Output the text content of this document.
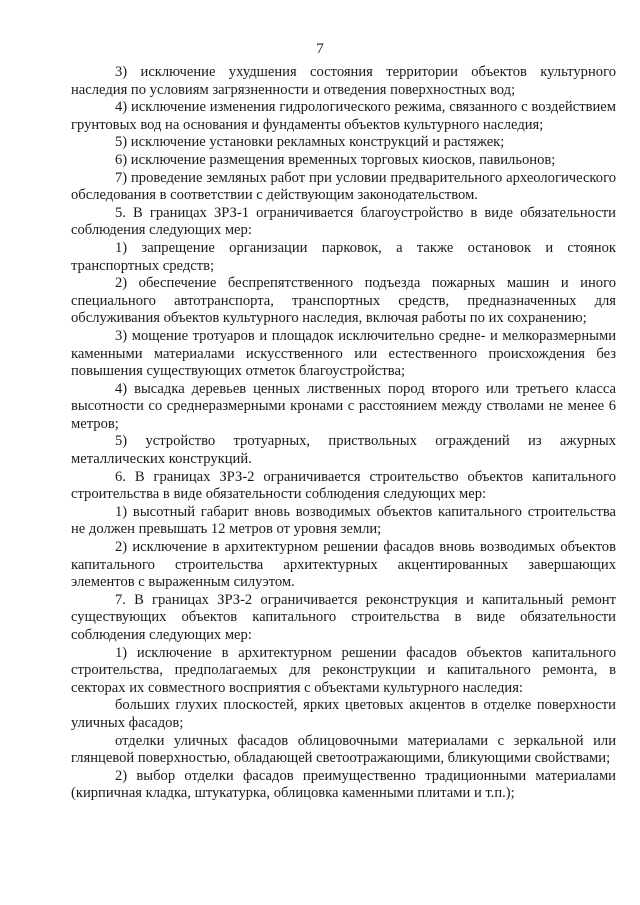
7

3) исключение ухудшения состояния территории объектов культурного наследия по условиям загрязненности и отведения поверхностных вод;

4) исключение изменения гидрологического режима, связанного с воздействием грунтовых вод на основания и фундаменты объектов культурного наследия;

5) исключение установки рекламных конструкций и растяжек;

6) исключение размещения временных торговых киосков, павильонов;

7) проведение земляных работ при условии предварительного археологического обследования в соответствии с действующим законодательством.

5. В границах ЗРЗ-1 ограничивается благоустройство в виде обязательности соблюдения следующих мер:

1) запрещение организации парковок, а также остановок и стоянок транспортных средств;

2) обеспечение беспрепятственного подъезда пожарных машин и иного специального автотранспорта, транспортных средств, предназначенных для обслуживания объектов культурного наследия, включая работы по их сохранению;

3) мощение тротуаров и площадок исключительно средне- и мелкоразмерными каменными материалами искусственного или естественного происхождения без повышения существующих отметок благоустройства;

4) высадка деревьев ценных лиственных пород второго или третьего класса высотности со среднеразмерными кронами с расстоянием между стволами не менее 6 метров;

5) устройство тротуарных, приствольных ограждений из ажурных металлических конструкций.

6. В границах ЗРЗ-2 ограничивается строительство объектов капитального строительства в виде обязательности соблюдения следующих мер:

1) высотный габарит вновь возводимых объектов капитального строительства не должен превышать 12 метров от уровня земли;

2) исключение в архитектурном решении фасадов вновь возводимых объектов капитального строительства архитектурных акцентированных завершающих элементов с выраженным силуэтом.

7. В границах ЗРЗ-2 ограничивается реконструкция и капитальный ремонт существующих объектов капитального строительства в виде обязательности соблюдения следующих мер:

1) исключение в архитектурном решении фасадов объектов капитального строительства, предполагаемых для реконструкции и капитального ремонта, в секторах их совместного восприятия с объектами культурного наследия:

больших глухих плоскостей, ярких цветовых акцентов в отделке поверхности уличных фасадов;

отделки уличных фасадов облицовочными материалами с зеркальной или глянцевой поверхностью, обладающей светоотражающими, бликующими свойствами;

2) выбор отделки фасадов преимущественно традиционными материалами (кирпичная кладка, штукатурка, облицовка каменными плитами и т.п.);
